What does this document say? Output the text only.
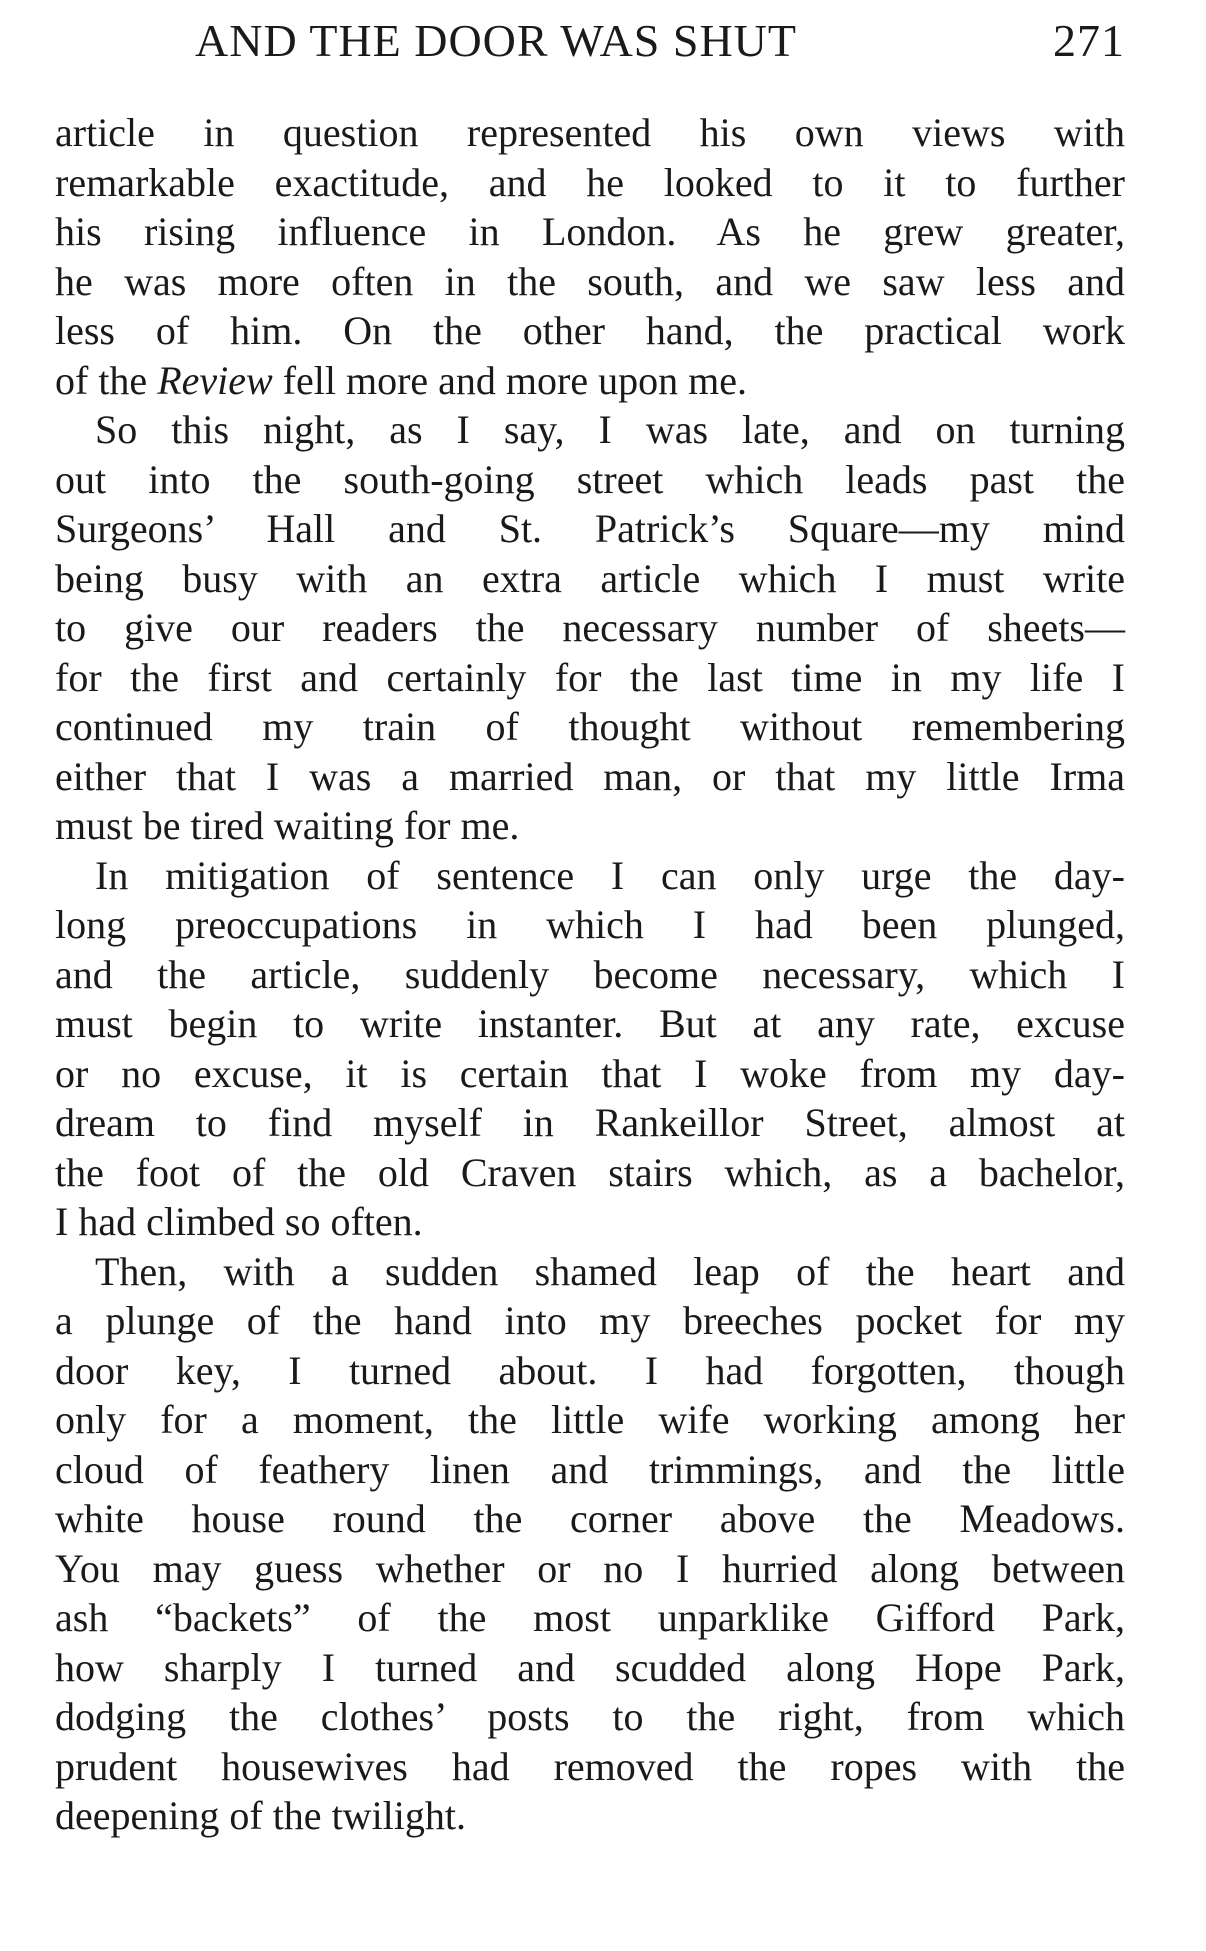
AND THE DOOR WAS SHUT	271
article in question represented his own views with
remarkable exactitude, and he looked to it to further
his rising influence in London. As he grew greater,
he was more often in the south, and we saw less and
less of him. On the other hand, the practical work
of the Review fell more and more upon me.
So this night, as I say, I was late, and on turning
out into the south-going street which leads past the
Surgeons’ Hall and St. Patrick’s Square—my mind
being busy with an extra article which I must write
to give our readers the necessary number of sheets—
for the first and certainly for the last time in my life I
continued my train of thought without remembering
either that I was a married man, or that my little Irma
must be tired waiting for me.
In mitigation of sentence I can only urge the day-
long preoccupations in which I had been plunged,
and the article, suddenly become necessary, which I
must begin to write instanter. But at any rate, excuse
or no excuse, it is certain that I woke from my day-
dream to find myself in Rankeillor Street, almost at
the foot of the old Craven stairs which, as a bachelor,
I had climbed so often.
Then, with a sudden shamed leap of the heart and
a plunge of the hand into my breeches pocket for my
door key, I turned about. I had forgotten, though
only for a moment, the little wife working among her
cloud of feathery linen and trimmings, and the little
white house round the corner above the Meadows.
You may guess whether or no I hurried along between
ash “backets” of the most unparklike Gifford Park,
how sharply I turned and scudded along Hope Park,
dodging the clothes’ posts to the right, from which
prudent housewives had removed the ropes with the
deepening of the twilight.
